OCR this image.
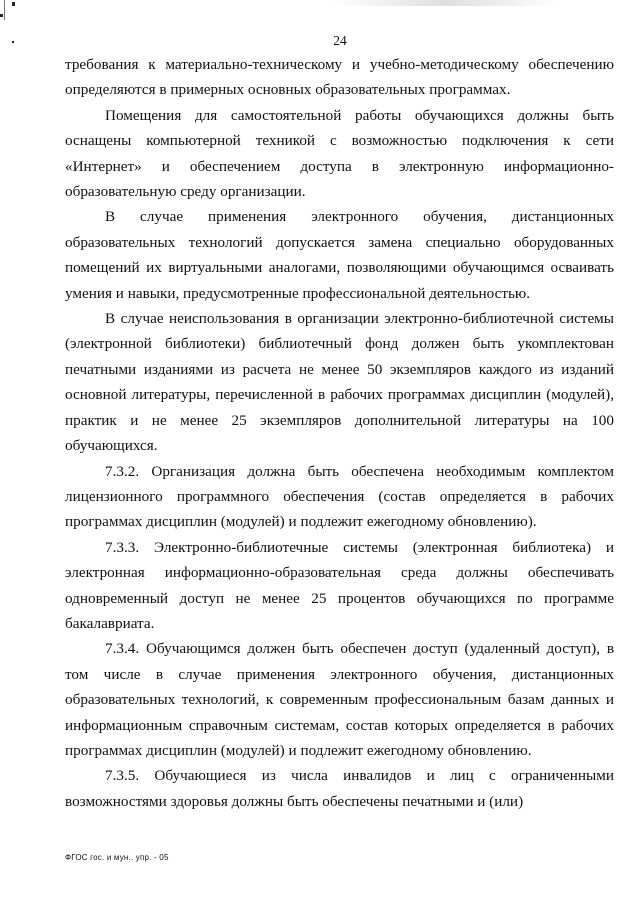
24

требования к материально-техническому и учебно-методическому обеспечению определяются в примерных основных образовательных программах.

Помещения для самостоятельной работы обучающихся должны быть оснащены компьютерной техникой с возможностью подключения к сети «Интернет» и обеспечением доступа в электронную информационно-образовательную среду организации.

В случае применения электронного обучения, дистанционных образовательных технологий допускается замена специально оборудованных помещений их виртуальными аналогами, позволяющими обучающимся осваивать умения и навыки, предусмотренные профессиональной деятельностью.

В случае неиспользования в организации электронно-библиотечной системы (электронной библиотеки) библиотечный фонд должен быть укомплектован печатными изданиями из расчета не менее 50 экземпляров каждого из изданий основной литературы, перечисленной в рабочих программах дисциплин (модулей), практик и не менее 25 экземпляров дополнительной литературы на 100 обучающихся.

7.3.2. Организация должна быть обеспечена необходимым комплектом лицензионного программного обеспечения (состав определяется в рабочих программах дисциплин (модулей) и подлежит ежегодному обновлению).

7.3.3. Электронно-библиотечные системы (электронная библиотека) и электронная информационно-образовательная среда должны обеспечивать одновременный доступ не менее 25 процентов обучающихся по программе бакалавриата.

7.3.4. Обучающимся должен быть обеспечен доступ (удаленный доступ), в том числе в случае применения электронного обучения, дистанционных образовательных технологий, к современным профессиональным базам данных и информационным справочным системам, состав которых определяется в рабочих программах дисциплин (модулей) и подлежит ежегодному обновлению.

7.3.5. Обучающиеся из числа инвалидов и лиц с ограниченными возможностями здоровья должны быть обеспечены печатными и (или)

ФГОС гос. и мун.. упр. - 05
